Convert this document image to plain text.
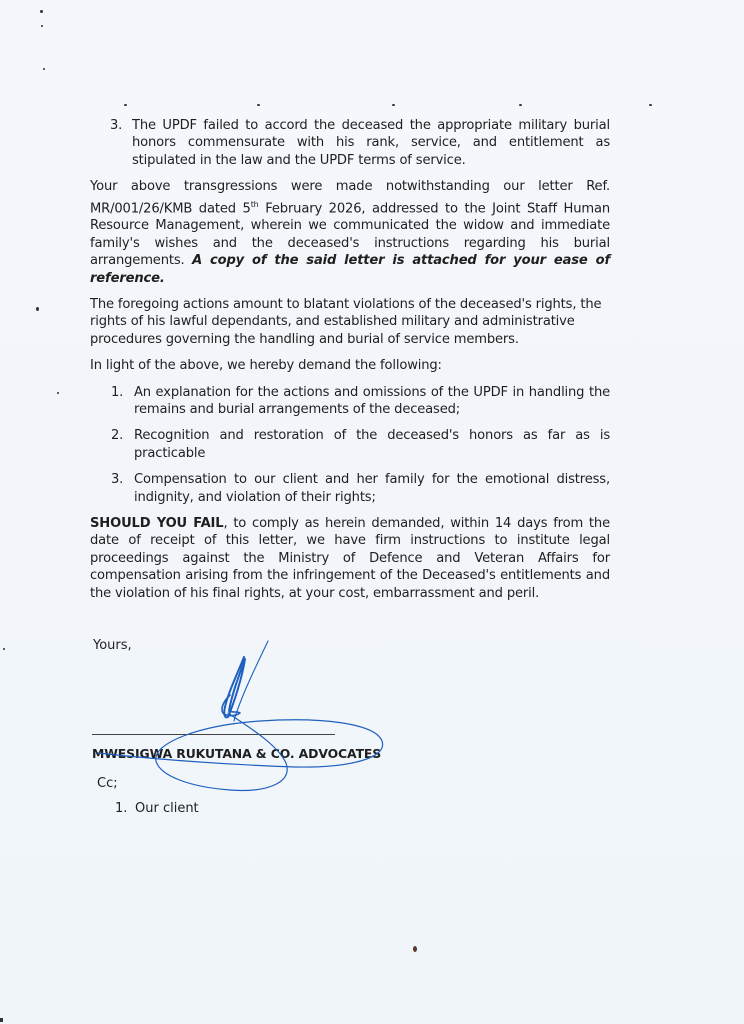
3. The UPDF failed to accord the deceased the appropriate military burial honors commensurate with his rank, service, and entitlement as stipulated in the law and the UPDF terms of service.

Your above transgressions were made notwithstanding our letter Ref. MR/001/26/KMB dated 5th February 2026, addressed to the Joint Staff Human Resource Management, wherein we communicated the widow and immediate family's wishes and the deceased's instructions regarding his burial arrangements. A copy of the said letter is attached for your ease of reference.

The foregoing actions amount to blatant violations of the deceased's rights, the rights of his lawful dependants, and established military and administrative procedures governing the handling and burial of service members.

In light of the above, we hereby demand the following:

1. An explanation for the actions and omissions of the UPDF in handling the remains and burial arrangements of the deceased;
2. Recognition and restoration of the deceased's honors as far as is practicable
3. Compensation to our client and her family for the emotional distress, indignity, and violation of their rights;

SHOULD YOU FAIL, to comply as herein demanded, within 14 days from the date of receipt of this letter, we have firm instructions to institute legal proceedings against the Ministry of Defence and Veteran Affairs for compensation arising from the infringement of the Deceased's entitlements and the violation of his final rights, at your cost, embarrassment and peril.

Yours,
MWESIGWA RUKUTANA & CO. ADVOCATES
Cc;
1. Our client
